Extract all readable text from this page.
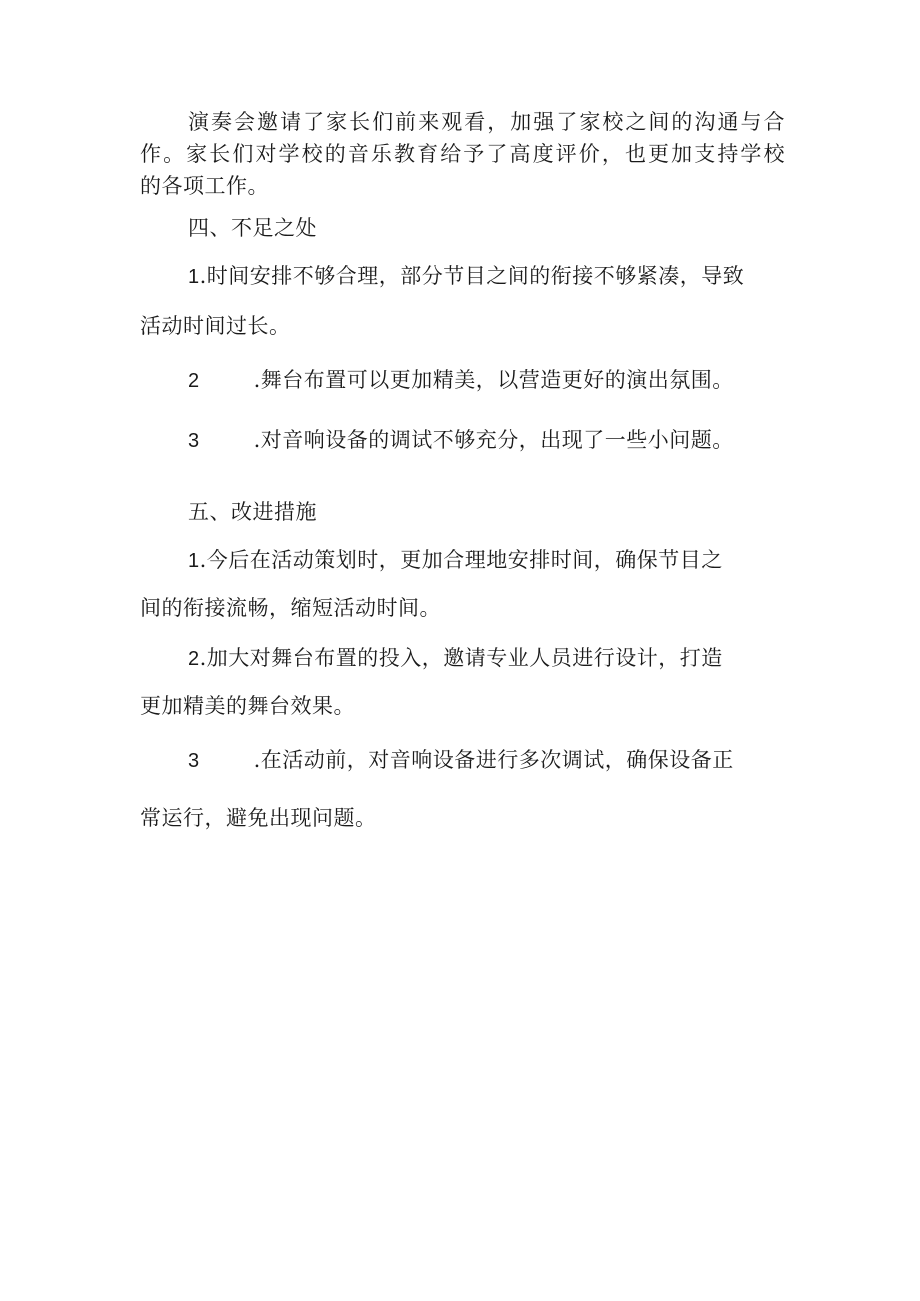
演奏会邀请了家长们前来观看，加强了家校之间的沟通与合
作。家长们对学校的音乐教育给予了高度评价，也更加支持学校
的各项工作。
四、不足之处
1.时间安排不够合理，部分节目之间的衔接不够紧凑，导致
活动时间过长。
2	.舞台布置可以更加精美，以营造更好的演出氛围。
3	.对音响设备的调试不够充分，出现了一些小问题。
五、改进措施
1.今后在活动策划时，更加合理地安排时间，确保节目之
间的衔接流畅，缩短活动时间。
2.加大对舞台布置的投入，邀请专业人员进行设计，打造
更加精美的舞台效果。
3	.在活动前，对音响设备进行多次调试，确保设备正
常运行，避免出现问题。
